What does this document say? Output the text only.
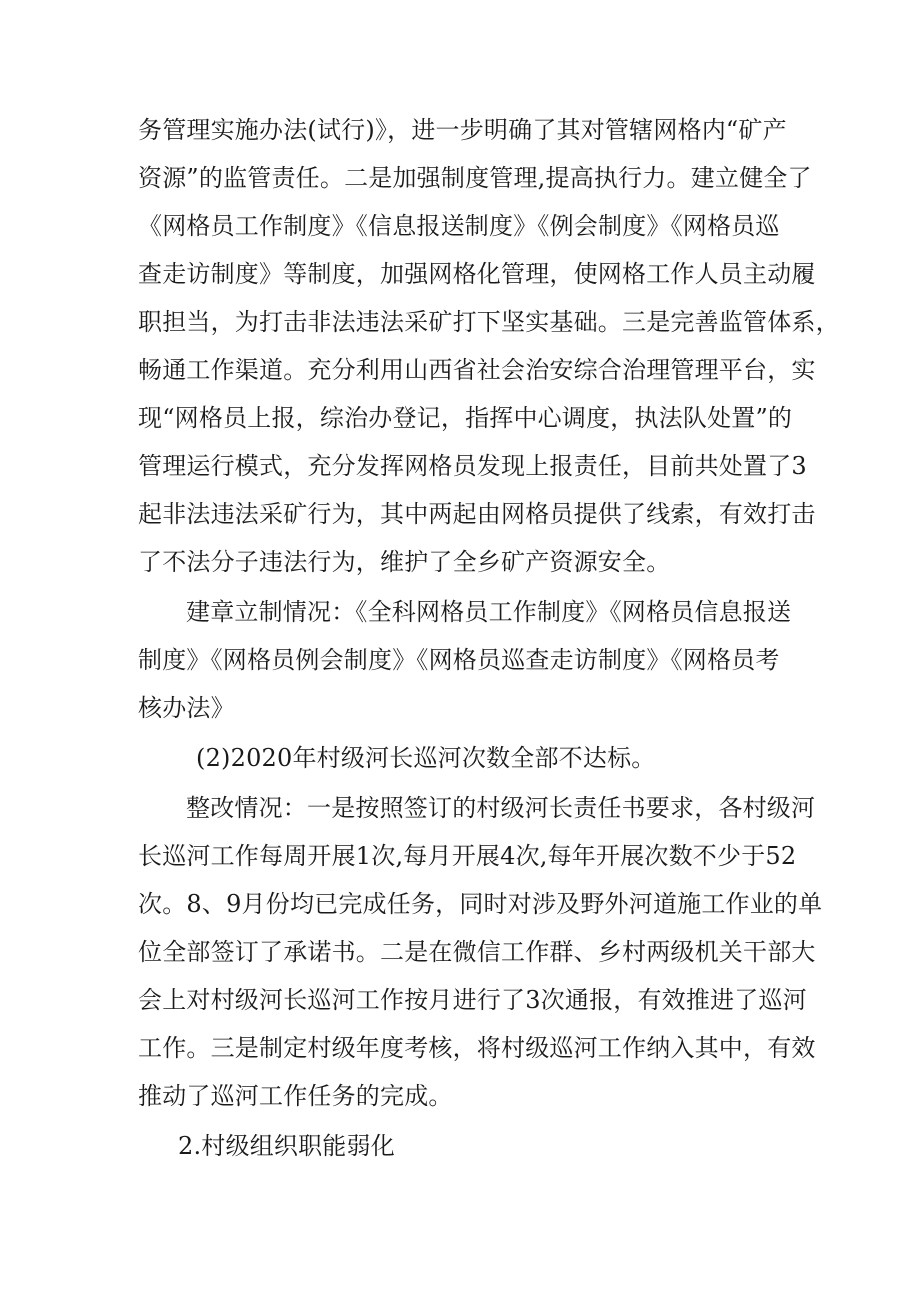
务管理实施办法(试行)》，进一步明确了其对管辖网格内“矿产
资源”的监管责任。二是加强制度管理,提高执行力。建立健全了
《网格员工作制度》《信息报送制度》《例会制度》《网格员巡
查走访制度》等制度，加强网格化管理，使网格工作人员主动履
职担当，为打击非法违法采矿打下坚实基础。三是完善监管体系，
畅通工作渠道。充分利用山西省社会治安综合治理管理平台，实
现“网格员上报，综治办登记，指挥中心调度，执法队处置”的
管理运行模式，充分发挥网格员发现上报责任，目前共处置了3
起非法违法采矿行为，其中两起由网格员提供了线索，有效打击
了不法分子违法行为，维护了全乡矿产资源安全。
建章立制情况：《全科网格员工作制度》《网格员信息报送
制度》《网格员例会制度》《网格员巡查走访制度》《网格员考
核办法》
(2)2020年村级河长巡河次数全部不达标。
整改情况：一是按照签订的村级河长责任书要求，各村级河
长巡河工作每周开展1次,每月开展4次,每年开展次数不少于52
次。8、9月份均已完成任务，同时对涉及野外河道施工作业的单
位全部签订了承诺书。二是在微信工作群、乡村两级机关干部大
会上对村级河长巡河工作按月进行了3次通报，有效推进了巡河
工作。三是制定村级年度考核，将村级巡河工作纳入其中，有效
推动了巡河工作任务的完成。
2.村级组织职能弱化
